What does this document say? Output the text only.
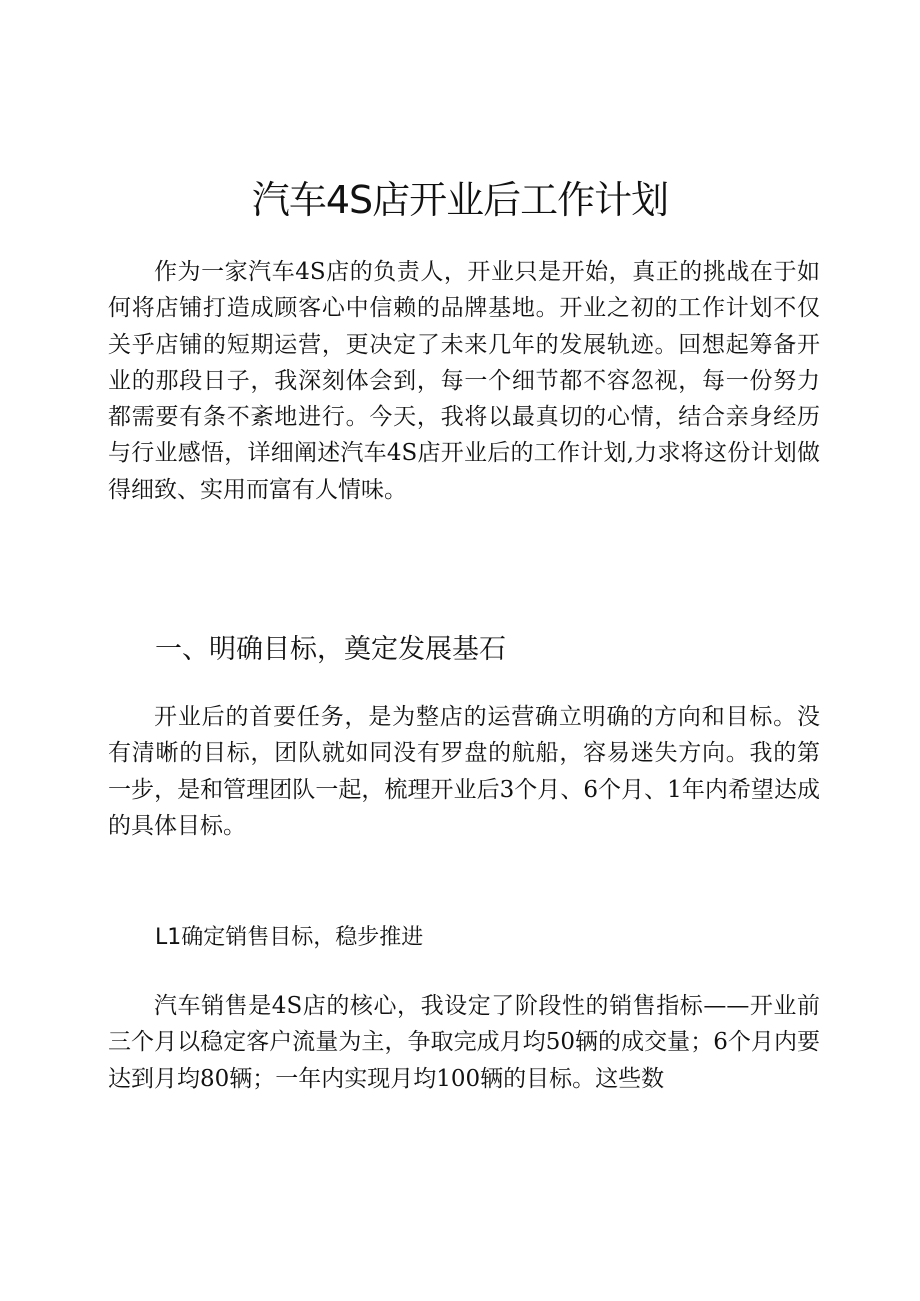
汽车4S店开业后工作计划

作为一家汽车4S店的负责人，开业只是开始，真正的挑战在于如何将店铺打造成顾客心中信赖的品牌基地。开业之初的工作计划不仅关乎店铺的短期运营，更决定了未来几年的发展轨迹。回想起筹备开业的那段日子，我深刻体会到，每一个细节都不容忽视，每一份努力都需要有条不紊地进行。今天，我将以最真切的心情，结合亲身经历与行业感悟，详细阐述汽车4S店开业后的工作计划,力求将这份计划做得细致、实用而富有人情味。

一、明确目标，奠定发展基石

开业后的首要任务，是为整店的运营确立明确的方向和目标。没有清晰的目标，团队就如同没有罗盘的航船，容易迷失方向。我的第一步，是和管理团队一起，梳理开业后3个月、6个月、1年内希望达成的具体目标。

L1确定销售目标，稳步推进

汽车销售是4S店的核心，我设定了阶段性的销售指标——开业前三个月以稳定客户流量为主，争取完成月均50辆的成交量；6个月内要达到月均80辆；一年内实现月均100辆的目标。这些数
